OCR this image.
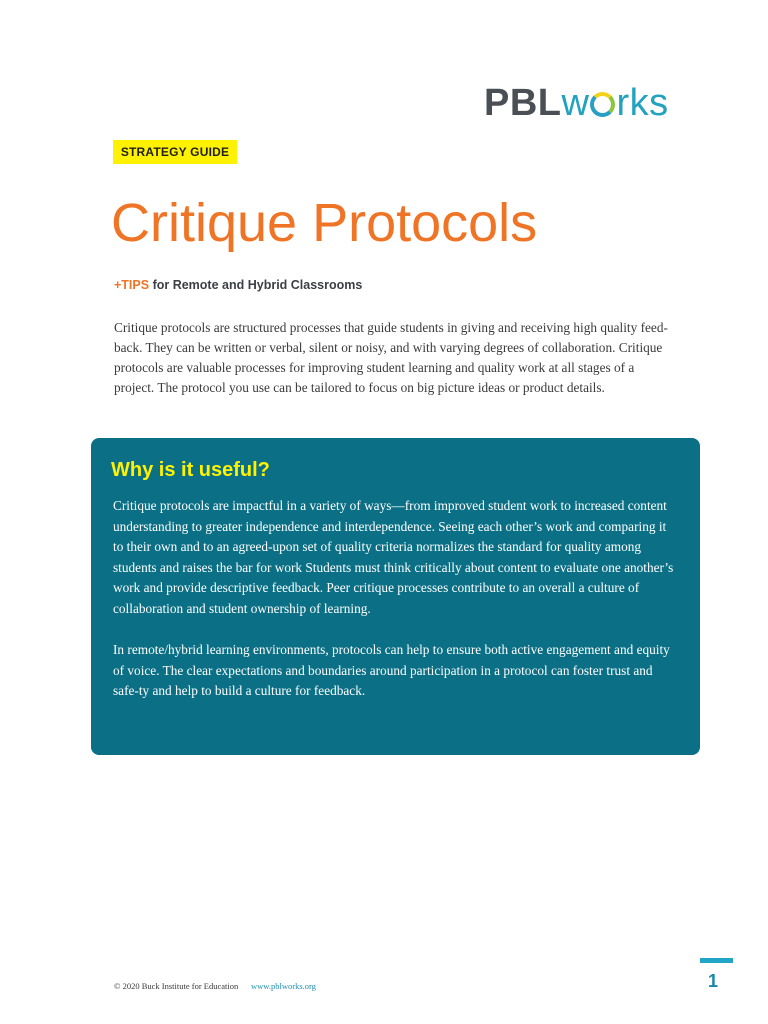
PBLw rks
STRATEGY GUIDE
Critique Protocols
+TIPS for Remote and Hybrid Classrooms

Critique protocols are structured processes that guide students in giving and receiving high quality feed-back. They can be written or verbal, silent or noisy, and with varying degrees of collaboration. Critique protocols are valuable processes for improving student learning and quality work at all stages of a project. The protocol you use can be tailored to focus on big picture ideas or product details.

Why is it useful?

Critique protocols are impactful in a variety of ways—from improved student work to increased content understanding to greater independence and interdependence. Seeing each other’s work and comparing it to their own and to an agreed-upon set of quality criteria normalizes the standard for quality among students and raises the bar for work Students must think critically about content to evaluate one another’s work and provide descriptive feedback. Peer critique processes contribute to an overall a culture of collaboration and student ownership of learning.

In remote/hybrid learning environments, protocols can help to ensure both active engagement and equity of voice. The clear expectations and boundaries around participation in a protocol can foster trust and safe-ty and help to build a culture for feedback.

© 2020 Buck Institute for Education www.pblworks.org	1
